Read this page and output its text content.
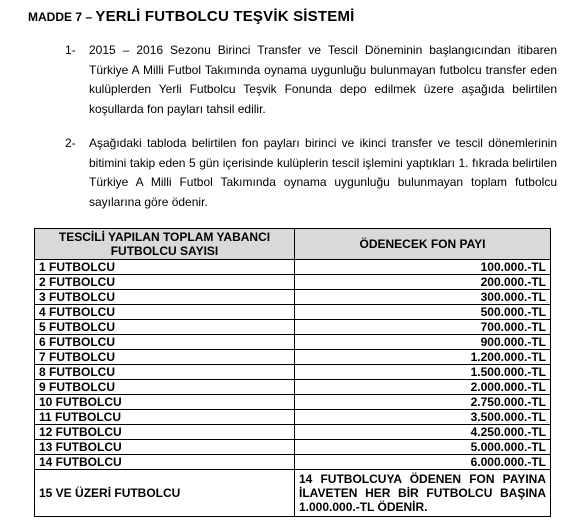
MADDE 7 – YERLİ FUTBOLCU TEŞVİK SİSTEMİ
1- 2015 – 2016 Sezonu Birinci Transfer ve Tescil Döneminin başlangıcından itibaren Türkiye A Milli Futbol Takımında oynama uygunluğu bulunmayan futbolcu transfer eden kulüplerden Yerli Futbolcu Teşvik Fonunda depo edilmek üzere aşağıda belirtilen koşullarda fon payları tahsil edilir.
2- Aşağıdaki tabloda belirtilen fon payları birinci ve ikinci transfer ve tescil dönemlerinin bitimini takip eden 5 gün içerisinde kulüplerin tescil işlemini yaptıkları 1. fıkrada belirtilen Türkiye A Milli Futbol Takımında oynama uygunluğu bulunmayan toplam futbolcu sayılarına göre ödenir.
TESCİLİ YAPILAN TOPLAM YABANCI FUTBOLCU SAYISI	ÖDENECEK FON PAYI
1 FUTBOLCU	100.000.-TL
2 FUTBOLCU	200.000.-TL
3 FUTBOLCU	300.000.-TL
4 FUTBOLCU	500.000.-TL
5 FUTBOLCU	700.000.-TL
6 FUTBOLCU	900.000.-TL
7 FUTBOLCU	1.200.000.-TL
8 FUTBOLCU	1.500.000.-TL
9 FUTBOLCU	2.000.000.-TL
10 FUTBOLCU	2.750.000.-TL
11 FUTBOLCU	3.500.000.-TL
12 FUTBOLCU	4.250.000.-TL
13 FUTBOLCU	5.000.000.-TL
14 FUTBOLCU	6.000.000.-TL
15 VE ÜZERİ FUTBOLCU	14 FUTBOLCUYA ÖDENEN FON PAYINA İLAVETEN HER BİR FUTBOLCU BAŞINA 1.000.000.-TL ÖDENİR.
